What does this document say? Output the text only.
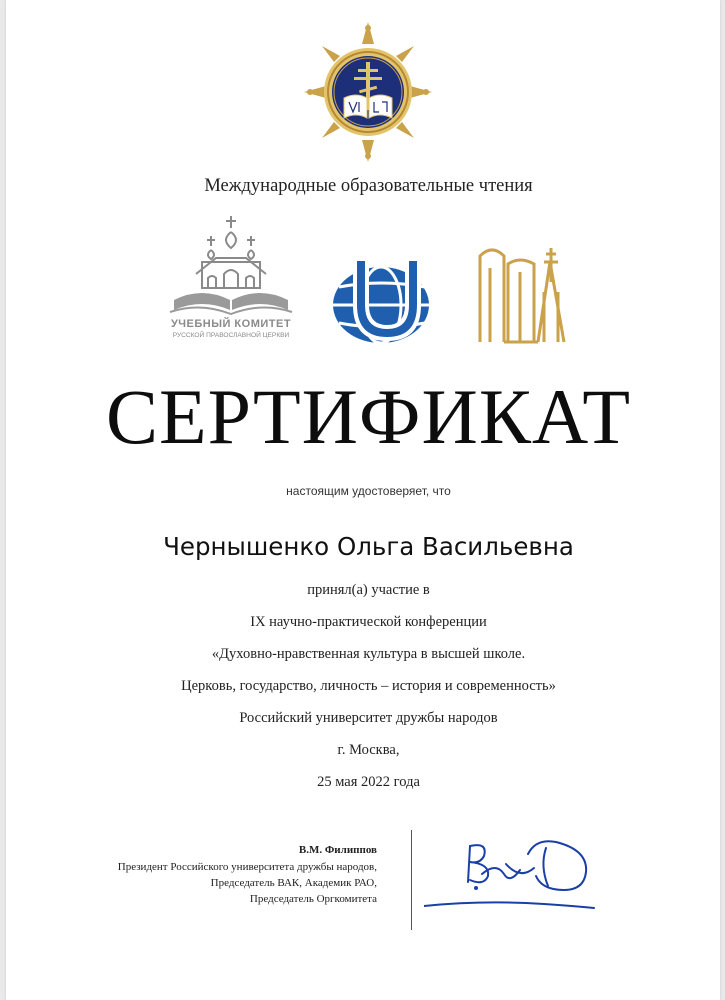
Международные образовательные чтения
УЧЕБНЫЙ КОМИТЕТ
РУССКОЙ ПРАВОСЛАВНОЙ ЦЕРКВИ
СЕРТИФИКАТ
настоящим удостоверяет, что
Чернышенко Ольга Васильевна
принял(а) участие в
IX научно-практической конференции
«Духовно-нравственная культура в высшей школе.
Церковь, государство, личность – история и современность»
Российский университет дружбы народов
г. Москва,
25 мая 2022 года
В.М. Филиппов
Президент Российского университета дружбы народов,
Председатель ВАК, Академик РАО,
Председатель Оргкомитета
